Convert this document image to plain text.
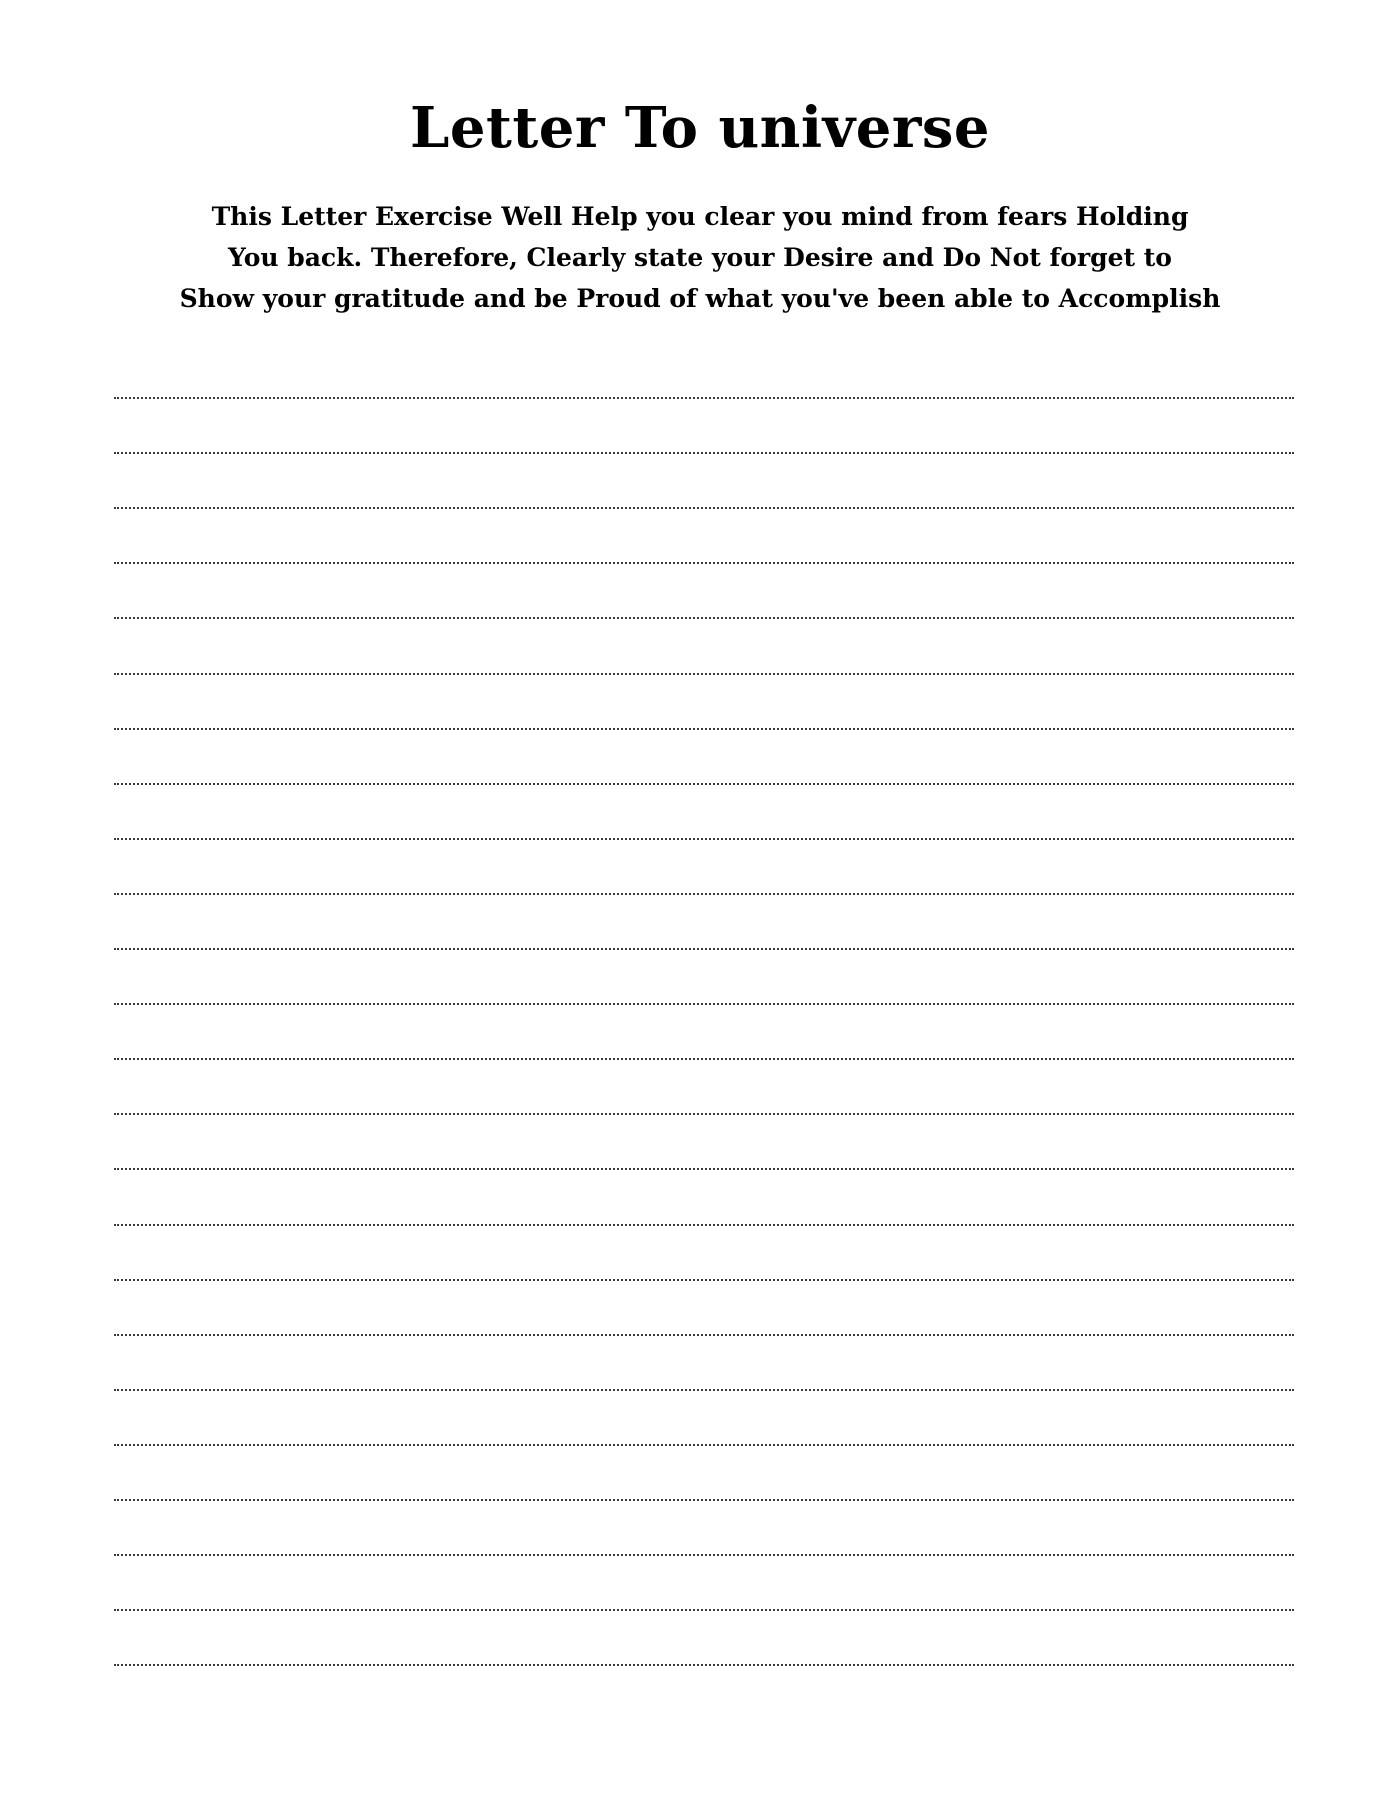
Letter To universe
This Letter Exercise Well Help you clear you mind from fears Holding
You back. Therefore, Clearly state your Desire and Do Not forget to
Show your gratitude and be Proud of what you've been able to Accomplish
